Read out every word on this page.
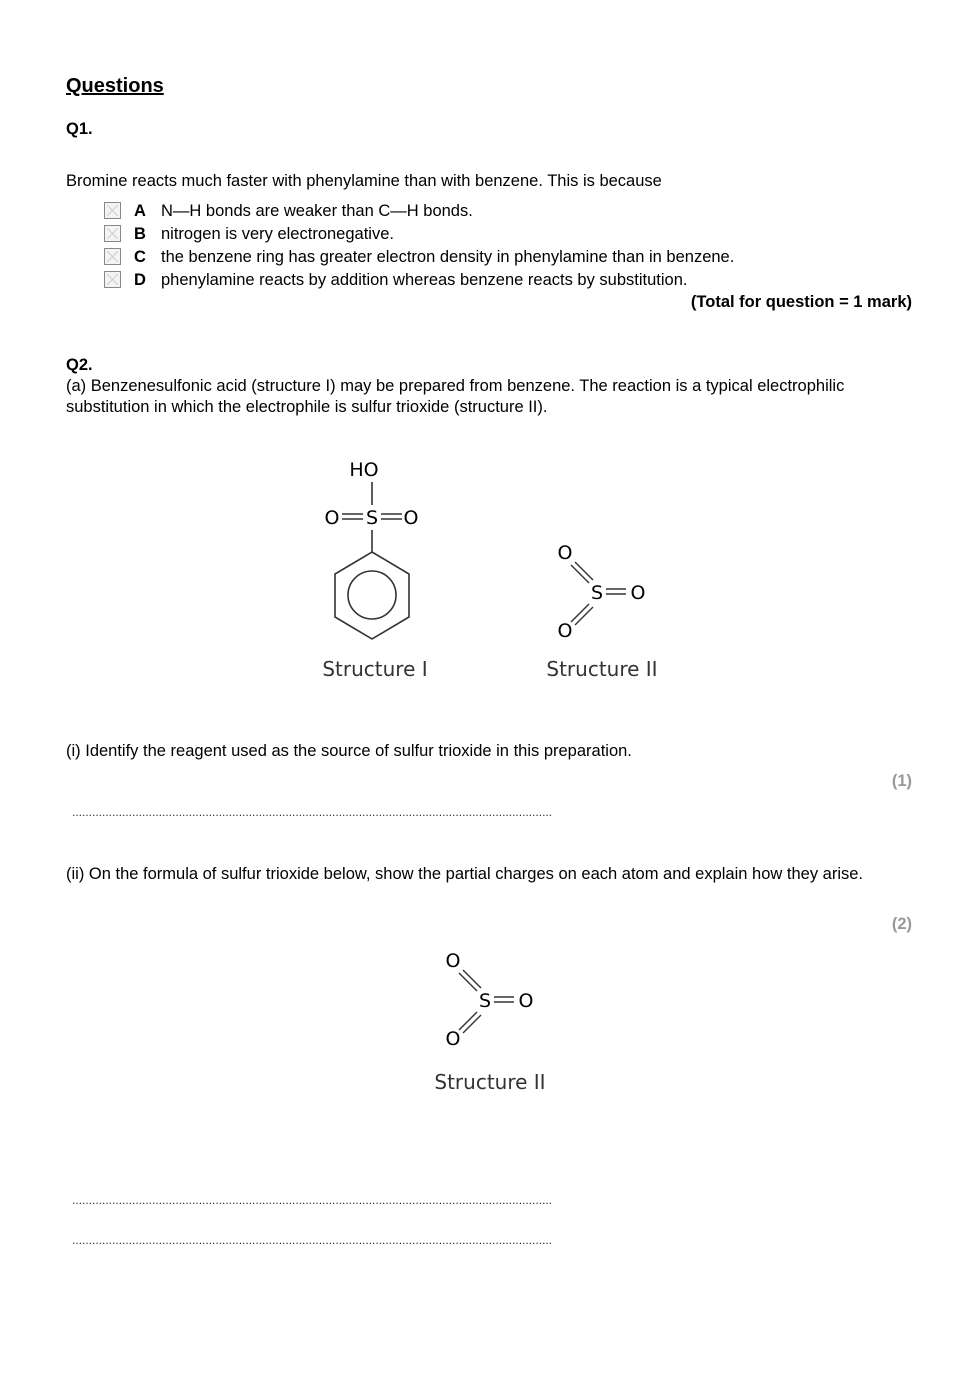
Questions
Q1.
Bromine reacts much faster with phenylamine than with benzene. This is because
A N—H bonds are weaker than C—H bonds.
B nitrogen is very electronegative.
C the benzene ring has greater electron density in phenylamine than in benzene.
D phenylamine reacts by addition whereas benzene reacts by substitution.
(Total for question = 1 mark)
Q2.
(a) Benzenesulfonic acid (structure I) may be prepared from benzene. The reaction is a typical electrophilic substitution in which the electrophile is sulfur trioxide (structure II).
HO
O S O
Structure I
O
S O
O
Structure II
(i) Identify the reagent used as the source of sulfur trioxide in this preparation.
(1)
................................................................................................................................................
(ii) On the formula of sulfur trioxide below, show the partial charges on each atom and explain how they arise.
(2)
O
S O
O
Structure II
................................................................................................................................................
................................................................................................................................................
